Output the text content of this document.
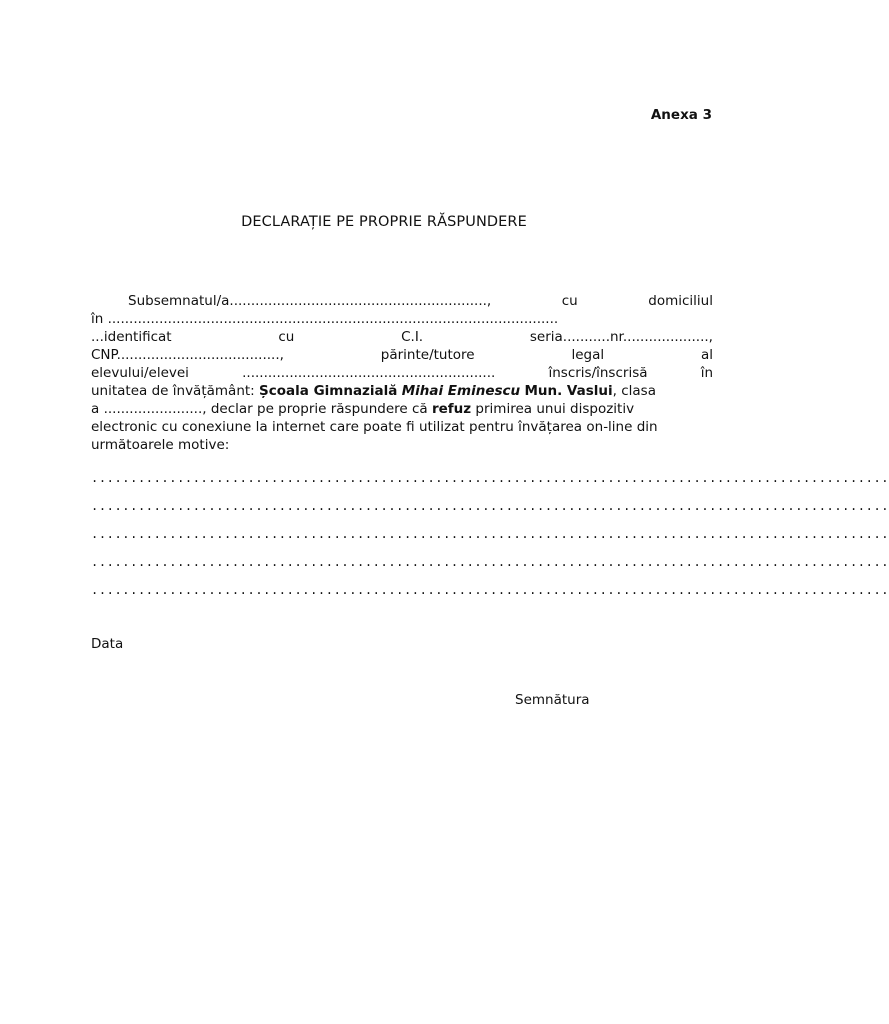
Anexa 3
DECLARAȚIE PE PROPRIE RĂSPUNDERE
Subsemnatul/a............................................................,	cu	domiciliul
în .........................................................................................................
...identificat	cu	C.I.	seria...........nr....................,
CNP......................................,	părinte/tutore	legal	al
elevului/elevei	...........................................................	înscris/înscrisă	în
unitatea de învățământ: Școala Gimnazială Mihai Eminescu Mun. Vaslui, clasa
a ......................., declar pe proprie răspundere că refuz primirea unui dispozitiv
electronic cu conexiune la internet care poate fi utilizat pentru învățarea on-line din
următoarele motive:
......................................................................................................
......................................................................................................
......................................................................................................
......................................................................................................
......................................................................................................
Data
Semnătura
